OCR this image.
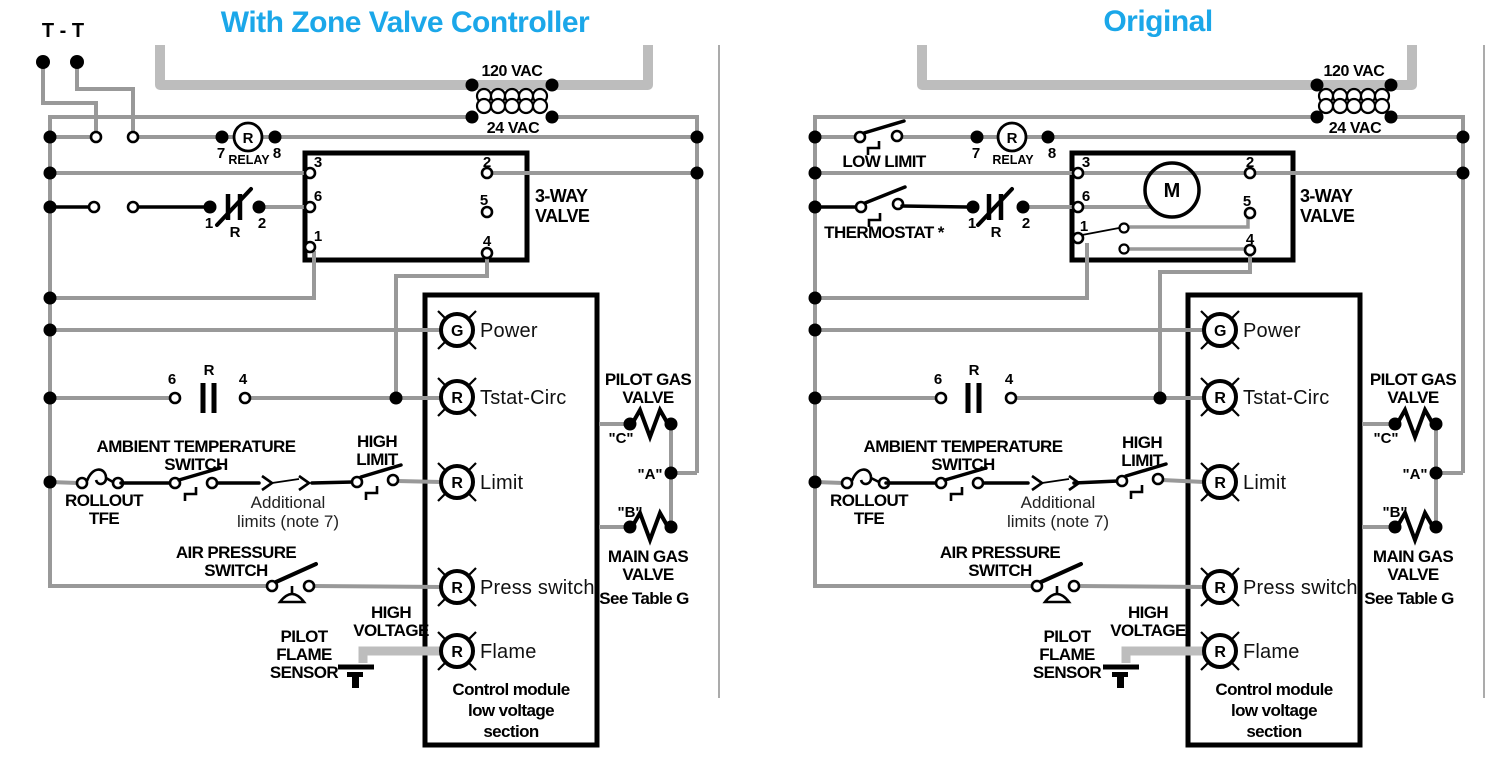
With Zone Valve Controller
T - T
120 VAC
24 VAC
R
7	8
RELAY
1	2
R
3
6
1
2
5
4
3-WAY
VALVE
6
R
4
ROLLOUT
TFE
AMBIENT TEMPERATURE
SWITCH
Additional
limits (note 7)
HIGH
LIMIT
AIR PRESSURE
SWITCH
HIGH
VOLTAGE
PILOT
FLAME
SENSOR
G
R
R
R
R
Power
Tstat-Circ
Limit
Press switch
Flame
Control module
low voltage
section
PILOT GAS
VALVE
"C"
"A"
"B"
MAIN GAS
VALVE
See Table G
Original
120 VAC
24 VAC
LOW LIMIT
R
7	8
RELAY
THERMOSTAT * 1	2
R
M
3
6
1
2
5
4
3-WAY
VALVE
6
R
4
ROLLOUT
TFE
AMBIENT TEMPERATURE
SWITCH
Additional
limits (note 7)
HIGH
LIMIT
AIR PRESSURE
SWITCH
HIGH
VOLTAGE
PILOT
FLAME
SENSOR
G
R
R
R
R
Power
Tstat-Circ
Limit
Press switch
Flame
Control module
low voltage
section
PILOT GAS
VALVE
"C"
"A"
"B"
MAIN GAS
VALVE
See Table G
